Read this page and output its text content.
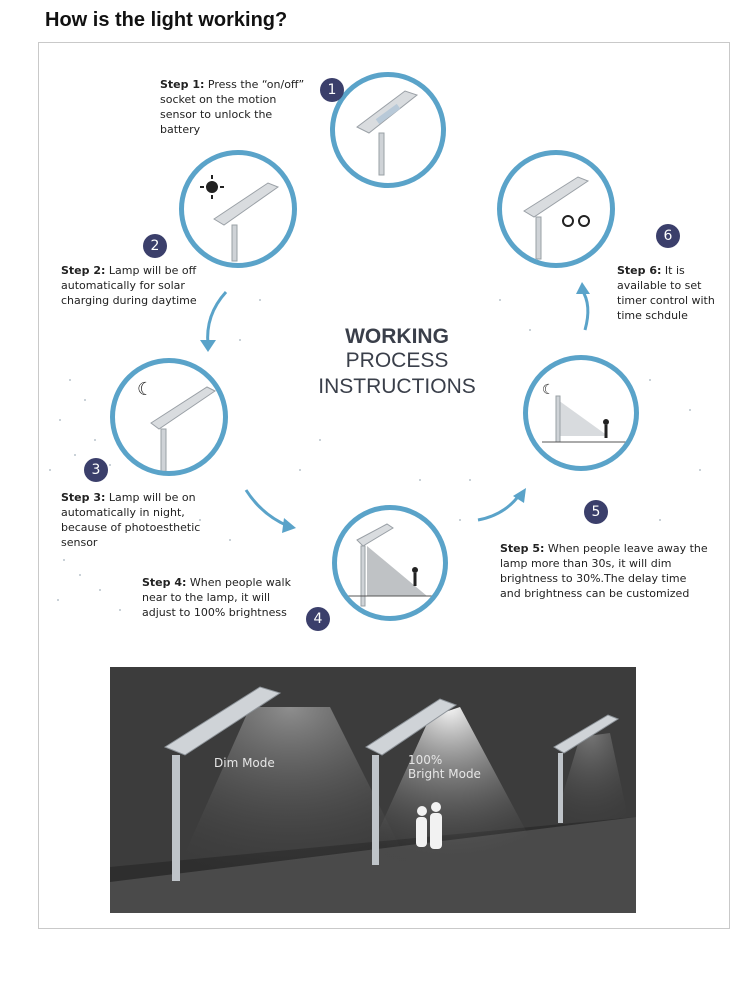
How is the light working?
☾	☾
1
2
3
4
5
6
Step 1: Press the “on/off” socket on the motion sensor to unlock the battery
Step 2: Lamp will be off automatically for solar charging during daytime
Step 3: Lamp will be on automatically in night, because of photoesthetic sensor
Step 4: When people walk near to the lamp, it will adjust to 100% brightness
Step 5: When people leave away the lamp more than 30s, it will dim brightness to 30%.The delay time and brightness can be customized
Step 6: It is available to set timer control with time schdule
WORKING PROCESS
INSTRUCTIONS
Dim Mode	100%
Bright Mode
